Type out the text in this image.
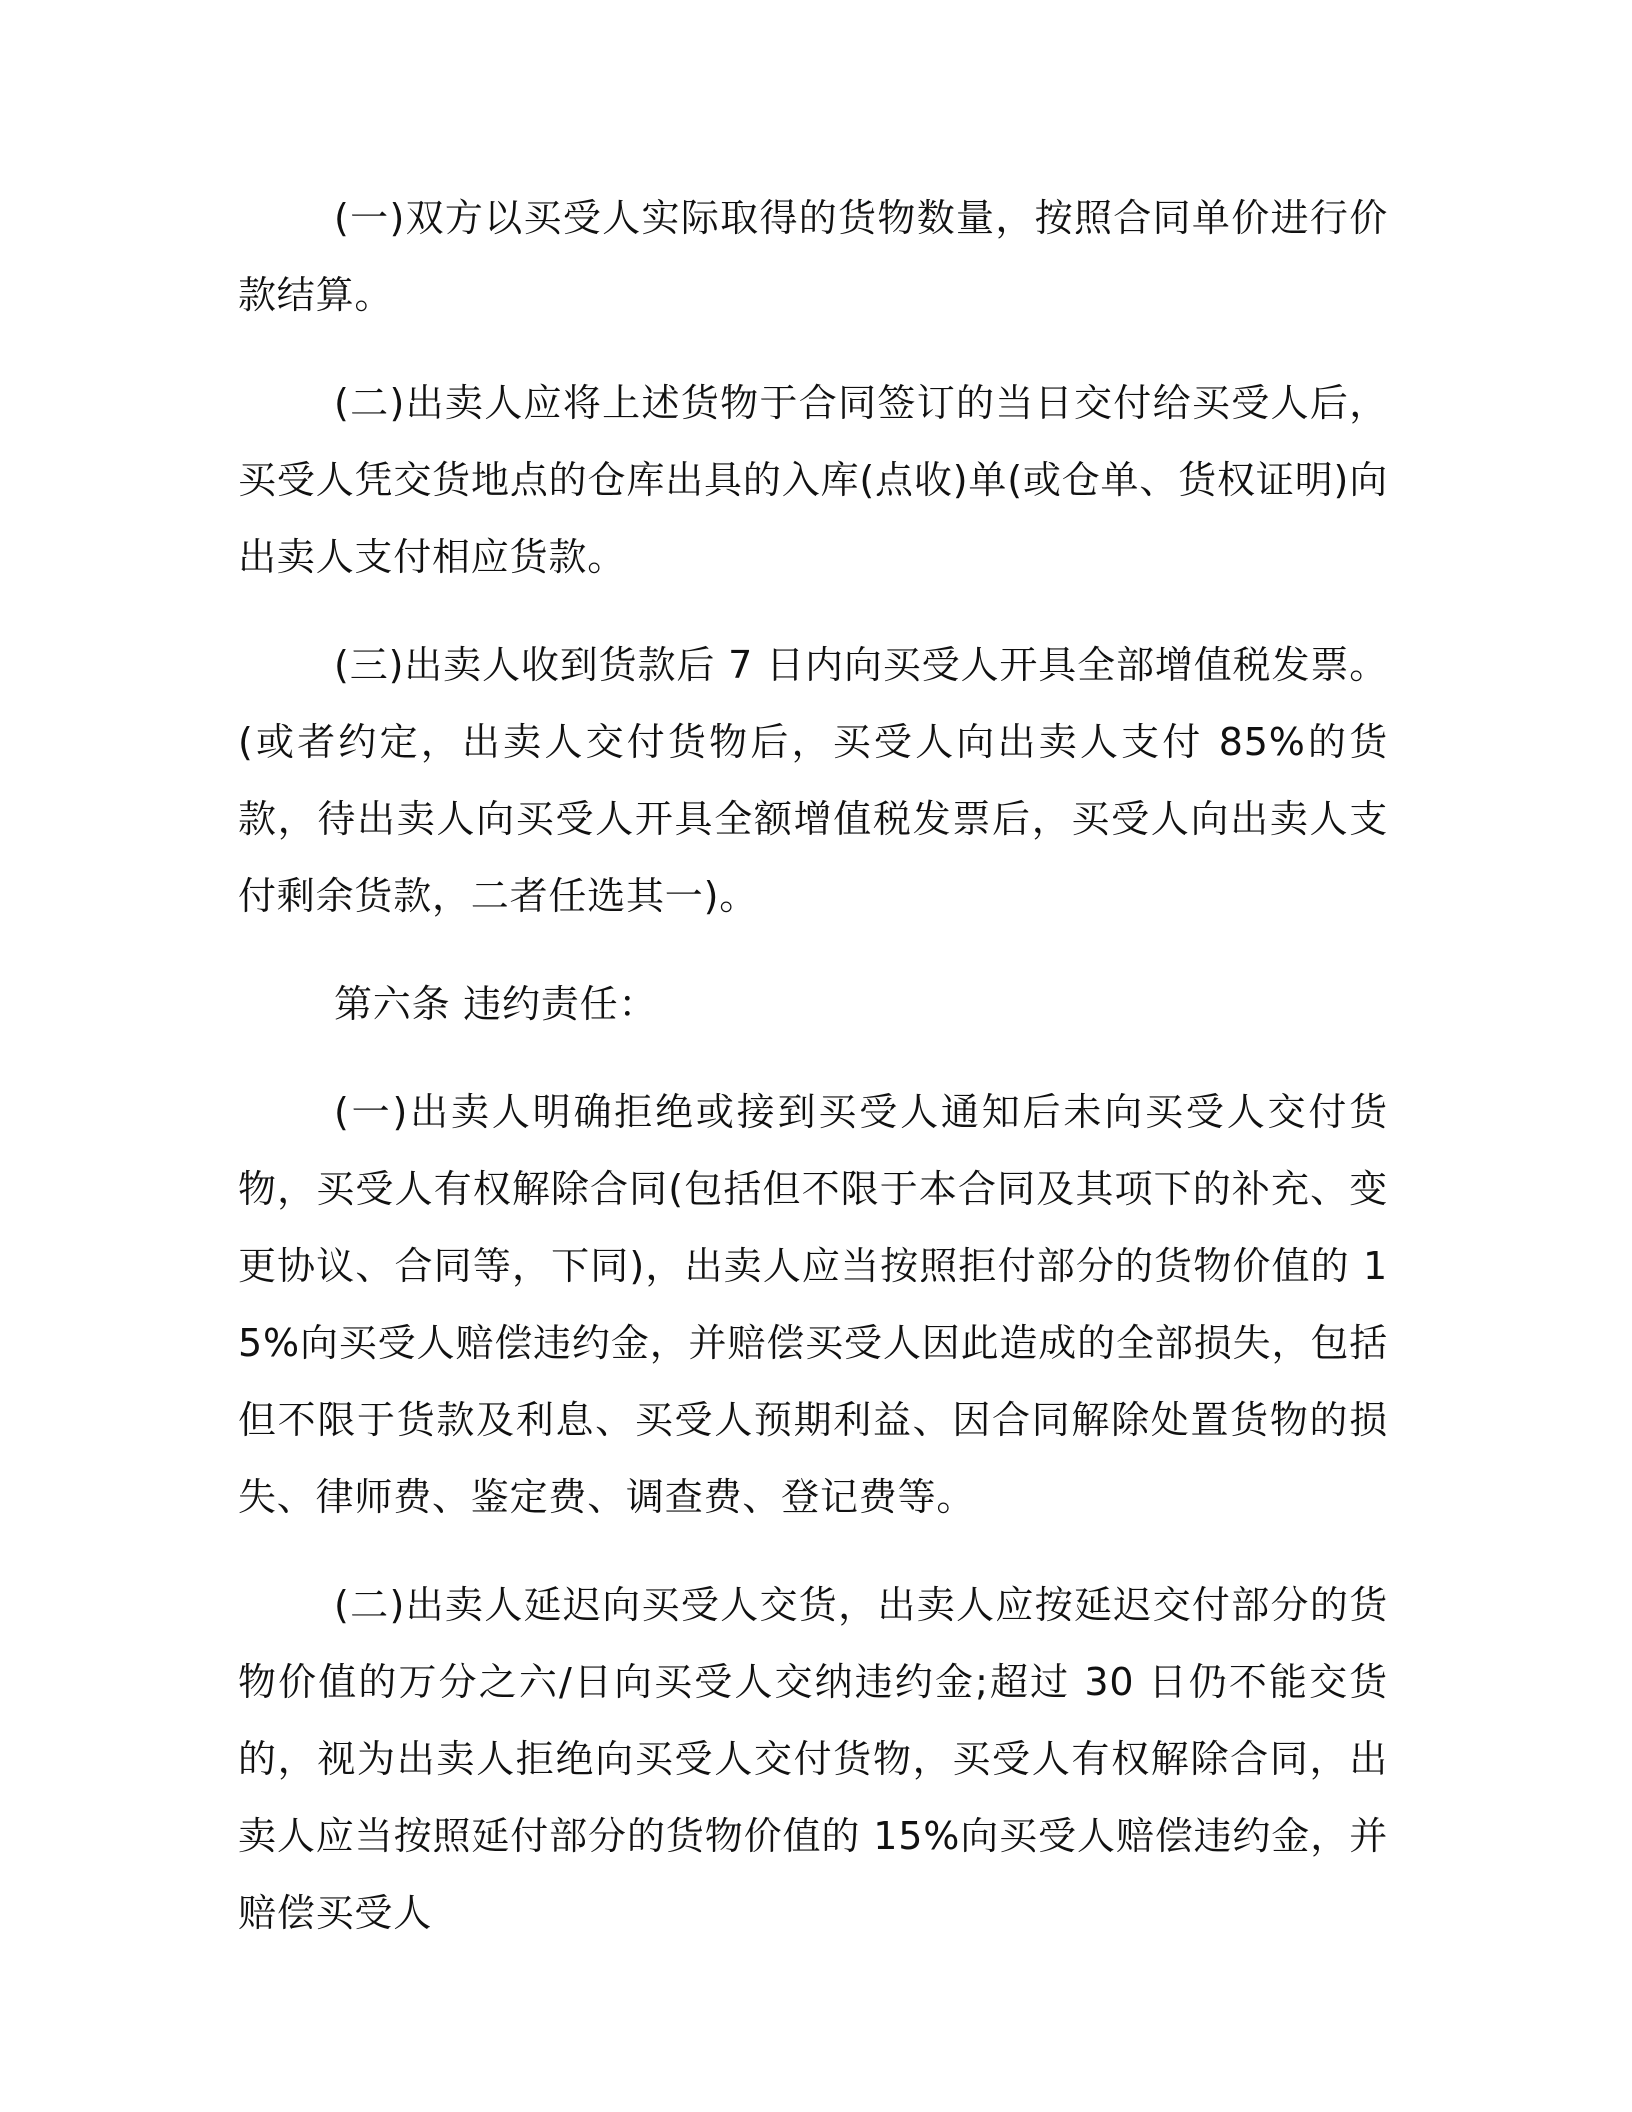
(一)双方以买受人实际取得的货物数量，按照合同单价进行价款结算。

(二)出卖人应将上述货物于合同签订的当日交付给买受人后，买受人凭交货地点的仓库出具的入库(点收)单(或仓单、货权证明)向出卖人支付相应货款。

(三)出卖人收到货款后 7 日内向买受人开具全部增值税发票。(或者约定，出卖人交付货物后，买受人向出卖人支付 85%的货款，待出卖人向买受人开具全额增值税发票后，买受人向出卖人支付剩余货款，二者任选其一)。

第六条 违约责任：

(一)出卖人明确拒绝或接到买受人通知后未向买受人交付货物，买受人有权解除合同(包括但不限于本合同及其项下的补充、变更协议、合同等，下同)，出卖人应当按照拒付部分的货物价值的 15%向买受人赔偿违约金，并赔偿买受人因此造成的全部损失，包括但不限于货款及利息、买受人预期利益、因合同解除处置货物的损失、律师费、鉴定费、调查费、登记费等。

(二)出卖人延迟向买受人交货，出卖人应按延迟交付部分的货物价值的万分之六/日向买受人交纳违约金;超过 30 日仍不能交货的，视为出卖人拒绝向买受人交付货物，买受人有权解除合同，出卖人应当按照延付部分的货物价值的 15%向买受人赔偿违约金，并赔偿买受人
